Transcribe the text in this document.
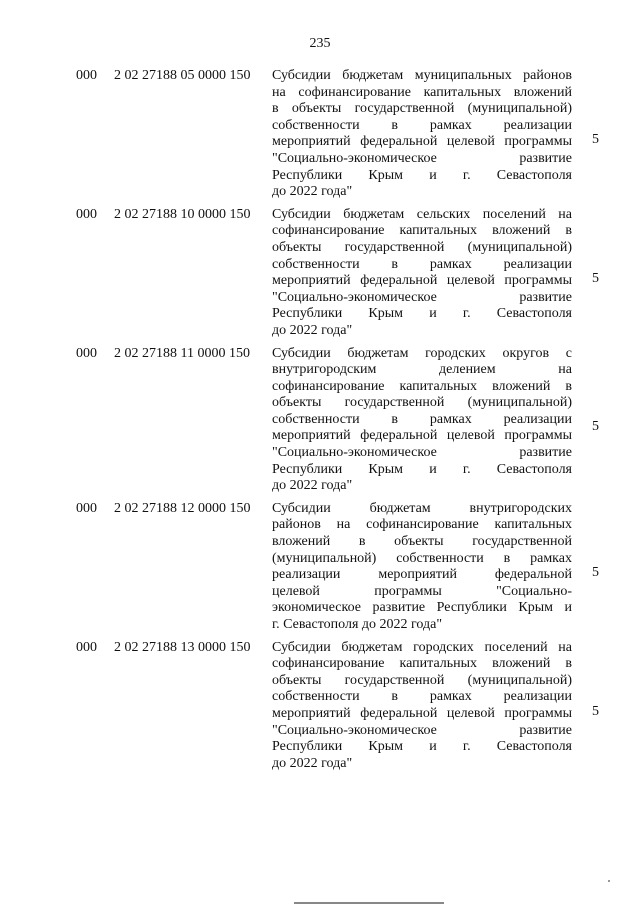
235
000	2 02 27188 05 0000 150	Субсидии бюджетам муниципальных районов
на софинансирование капитальных вложений
в объекты государственной (муниципальной)
собственности в рамках реализации
мероприятий федеральной целевой программы
"Социально-экономическое развитие
Республики Крым и г. Севастополя
до 2022 года"
5
000	2 02 27188 10 0000 150	Субсидии бюджетам сельских поселений на
софинансирование капитальных вложений в
объекты государственной (муниципальной)
собственности в рамках реализации
мероприятий федеральной целевой программы
"Социально-экономическое развитие
Республики Крым и г. Севастополя
до 2022 года"
5
000	2 02 27188 11 0000 150	Субсидии бюджетам городских округов с
внутригородским делением на
софинансирование капитальных вложений в
объекты государственной (муниципальной)
собственности в рамках реализации
мероприятий федеральной целевой программы
"Социально-экономическое развитие
Республики Крым и г. Севастополя
до 2022 года"
5
000	2 02 27188 12 0000 150	Субсидии бюджетам внутригородских
районов на софинансирование капитальных
вложений в объекты государственной
(муниципальной) собственности в рамках
реализации мероприятий федеральной
целевой программы "Социально-
экономическое развитие Республики Крым и
г. Севастополя до 2022 года"
5
000	2 02 27188 13 0000 150	Субсидии бюджетам городских поселений на
софинансирование капитальных вложений в
объекты государственной (муниципальной)
собственности в рамках реализации
мероприятий федеральной целевой программы
"Социально-экономическое развитие
Республики Крым и г. Севастополя
до 2022 года"
5
